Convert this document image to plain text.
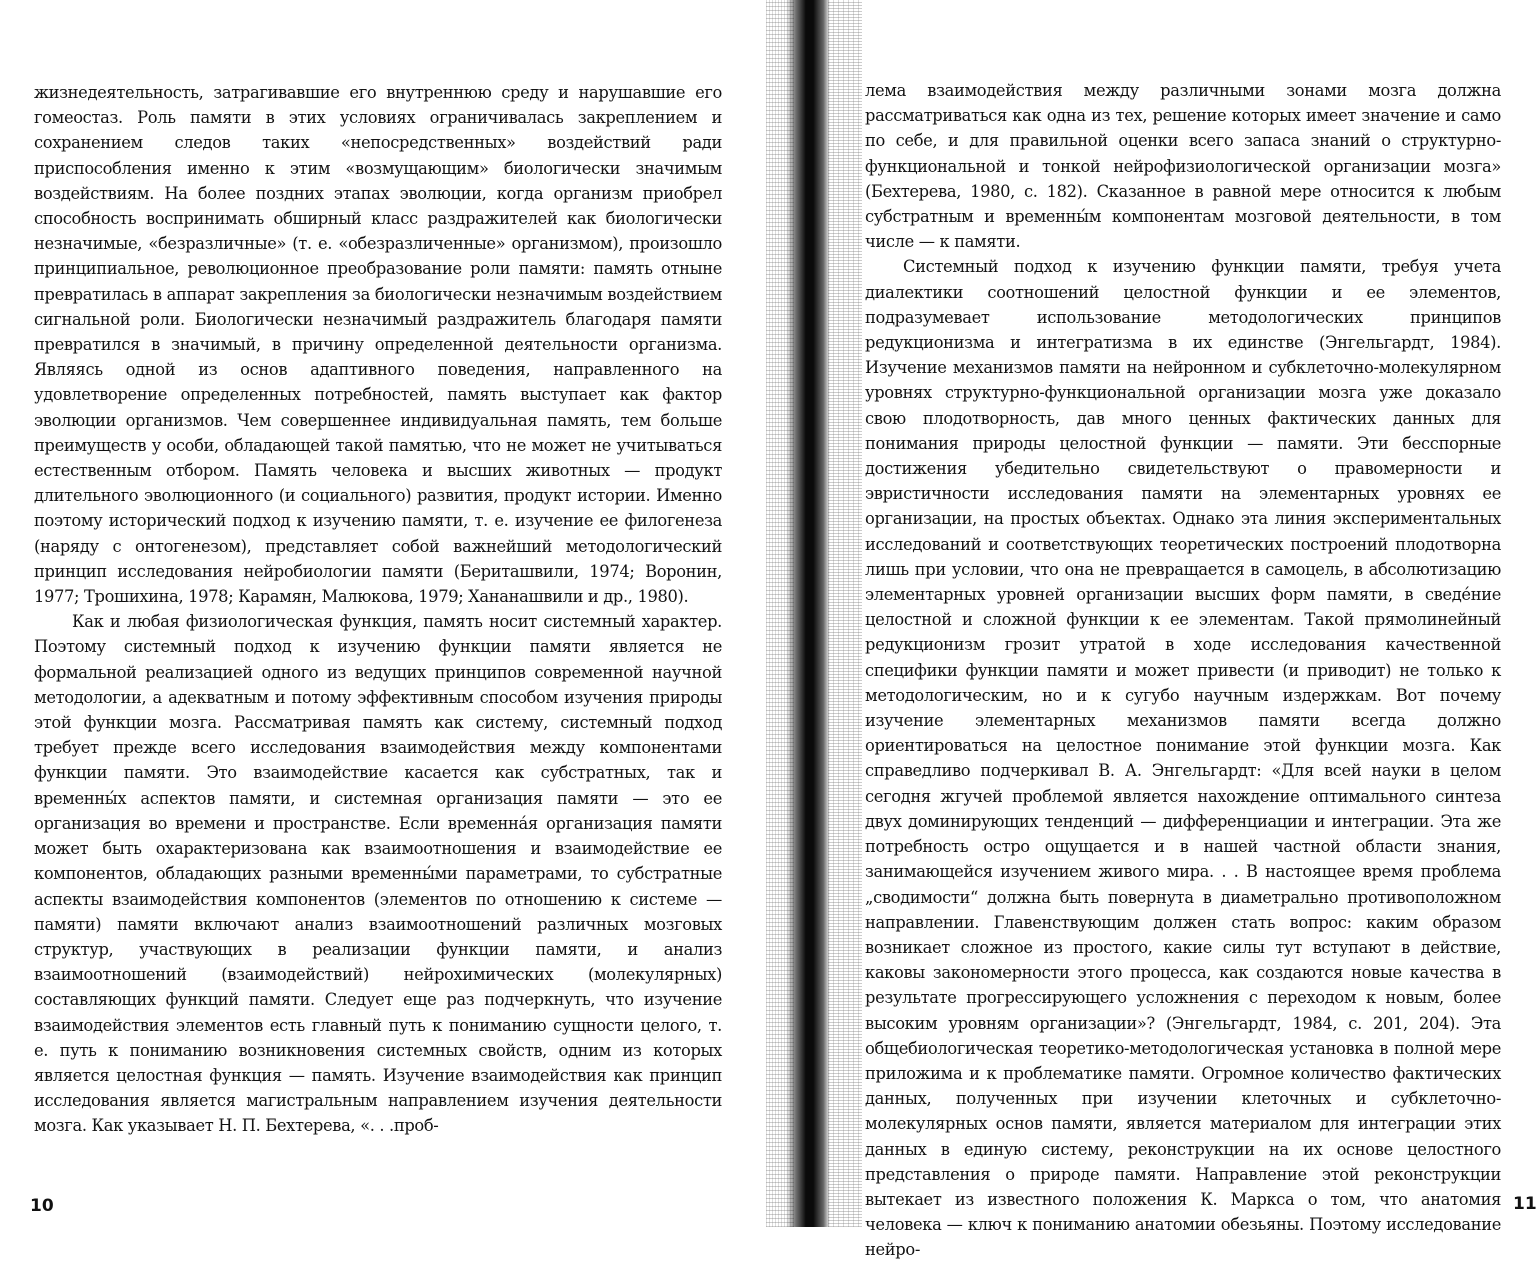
жизнедеятельность, затрагивавшие его внутреннюю среду и нарушавшие его гомеостаз. Роль памяти в этих условиях ограничивалась закреплением и сохранением следов таких «непосредственных» воздействий ради приспособления именно к этим «возмущающим» биологически значимым воздействиям. На более поздних этапах эволюции, когда организм приобрел способность воспринимать обширный класс раздражителей как биологически незначимые, «безразличные» (т. е. «обезразличенные» организмом), произошло принципиальное, революционное преобразование роли памяти: память отныне превратилась в аппарат закрепления за биологически незначимым воздействием сигнальной роли. Биологически незначимый раздражитель благодаря памяти превратился в значимый, в причину определенной деятельности организма. Являясь одной из основ адаптивного поведения, направленного на удовлетворение определенных потребностей, память выступает как фактор эволюции организмов. Чем совершеннее индивидуальная память, тем больше преимуществ у особи, обладающей такой памятью, что не может не учитываться естественным отбором. Память человека и высших животных — продукт длительного эволюционного (и социального) развития, продукт истории. Именно поэтому исторический подход к изучению памяти, т. е. изучение ее филогенеза (наряду с онтогенезом), представляет собой важнейший методологический принцип исследования нейробиологии памяти (Бериташвили, 1974; Воронин, 1977; Трошихина, 1978; Карамян, Малюкова, 1979; Хананашвили и др., 1980).

Как и любая физиологическая функция, память носит системный характер. Поэтому системный подход к изучению функции памяти является не формальной реализацией одного из ведущих принципов современной научной методологии, а адекватным и потому эффективным способом изучения природы этой функции мозга. Рассматривая память как систему, системный подход требует прежде всего исследования взаимодействия между компонентами функции памяти. Это взаимодействие касается как субстратных, так и временны́х аспектов памяти, и системная организация памяти — это ее организация во времени и пространстве. Если временна́я организация памяти может быть охарактеризована как взаимоотношения и взаимодействие ее компонентов, обладающих разными временны́ми параметрами, то субстратные аспекты взаимодействия компонентов (элементов по отношению к системе — памяти) памяти включают анализ взаимоотношений различных мозговых структур, участвующих в реализации функции памяти, и анализ взаимоотношений (взаимодействий) нейрохимических (молекулярных) составляющих функций памяти. Следует еще раз подчеркнуть, что изучение взаимодействия элементов есть главный путь к пониманию сущности целого, т. е. путь к пониманию возникновения системных свойств, одним из которых является целостная функция — память. Изучение взаимодействия как принцип исследования является магистральным направлением изучения деятельности мозга. Как указывает Н. П. Бехтерева, «. . .проб-

10

лема взаимодействия между различными зонами мозга должна рассматриваться как одна из тех, решение которых имеет значение и само по себе, и для правильной оценки всего запаса знаний о структурно-функциональной и тонкой нейрофизиологической организации мозга» (Бехтерева, 1980, с. 182). Сказанное в равной мере относится к любым субстратным и временны́м компонентам мозговой деятельности, в том числе — к памяти.

Системный подход к изучению функции памяти, требуя учета диалектики соотношений целостной функции и ее элементов, подразумевает использование методологических принципов редукционизма и интегратизма в их единстве (Энгельгардт, 1984). Изучение механизмов памяти на нейронном и субклеточно-молекулярном уровнях структурно-функциональной организации мозга уже доказало свою плодотворность, дав много ценных фактических данных для понимания природы целостной функции — памяти. Эти бесспорные достижения убедительно свидетельствуют о правомерности и эвристичности исследования памяти на элементарных уровнях ее организации, на простых объектах. Однако эта линия экспериментальных исследований и соответствующих теоретических построений плодотворна лишь при условии, что она не превращается в самоцель, в абсолютизацию элементарных уровней организации высших форм памяти, в сведе́ние целостной и сложной функции к ее элементам. Такой прямолинейный редукционизм грозит утратой в ходе исследования качественной специфики функции памяти и может привести (и приводит) не только к методологическим, но и к сугубо научным издержкам. Вот почему изучение элементарных механизмов памяти всегда должно ориентироваться на целостное понимание этой функции мозга. Как справедливо подчеркивал В. А. Энгельгардт: «Для всей науки в целом сегодня жгучей проблемой является нахождение оптимального синтеза двух доминирующих тенденций — дифференциации и интеграции. Эта же потребность остро ощущается и в нашей частной области знания, занимающейся изучением живого мира. . . В настоящее время проблема „сводимости“ должна быть повернута в диаметрально противоположном направлении. Главенствующим должен стать вопрос: каким образом возникает сложное из простого, какие силы тут вступают в действие, каковы закономерности этого процесса, как создаются новые качества в результате прогрессирующего усложнения с переходом к новым, более высоким уровням организации»? (Энгельгардт, 1984, с. 201, 204). Эта общебиологическая теоретико-методологическая установка в полной мере приложима и к проблематике памяти. Огромное количество фактических данных, полученных при изучении клеточных и субклеточно-молекулярных основ памяти, является материалом для интеграции этих данных в единую систему, реконструкции на их основе целостного представления о природе памяти. Направление этой реконструкции вытекает из известного положения К. Маркса о том, что анатомия человека — ключ к пониманию анатомии обезьяны. Поэтому исследование нейро-

11
